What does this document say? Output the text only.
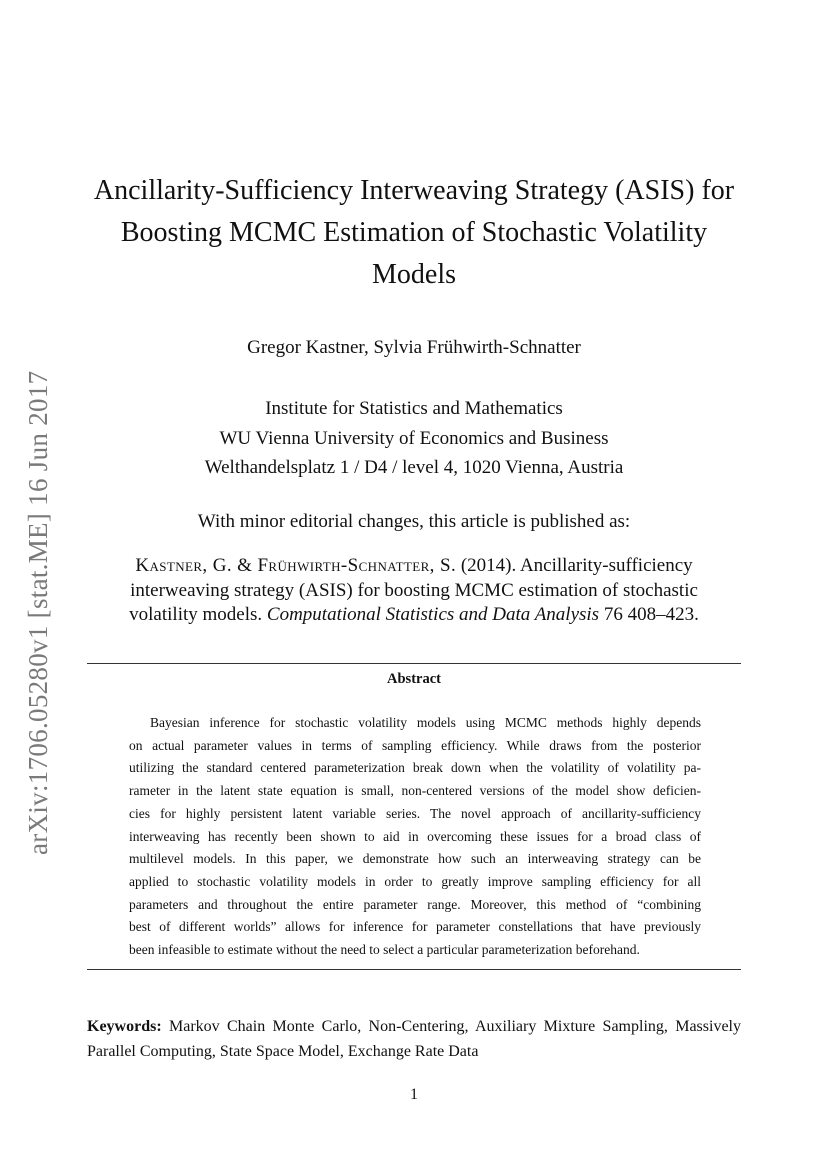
arXiv:1706.05280v1 [stat.ME] 16 Jun 2017
Ancillarity-Sufficiency Interweaving Strategy (ASIS) for
Boosting MCMC Estimation of Stochastic Volatility
Models
Gregor Kastner, Sylvia Frühwirth-Schnatter
Institute for Statistics and Mathematics
WU Vienna University of Economics and Business
Welthandelsplatz 1 / D4 / level 4, 1020 Vienna, Austria
With minor editorial changes, this article is published as:
Kastner, G. & Frühwirth-Schnatter, S. (2014). Ancillarity-sufficiency
interweaving strategy (ASIS) for boosting MCMC estimation of stochastic
volatility models. Computational Statistics and Data Analysis 76 408–423.
Abstract
Bayesian inference for stochastic volatility models using MCMC methods highly depends
on actual parameter values in terms of sampling efficiency. While draws from the posterior
utilizing the standard centered parameterization break down when the volatility of volatility pa-
rameter in the latent state equation is small, non-centered versions of the model show deficien-
cies for highly persistent latent variable series. The novel approach of ancillarity-sufficiency
interweaving has recently been shown to aid in overcoming these issues for a broad class of
multilevel models. In this paper, we demonstrate how such an interweaving strategy can be
applied to stochastic volatility models in order to greatly improve sampling efficiency for all
parameters and throughout the entire parameter range. Moreover, this method of “combining
best of different worlds” allows for inference for parameter constellations that have previously
been infeasible to estimate without the need to select a particular parameterization beforehand.
Keywords: Markov Chain Monte Carlo, Non-Centering, Auxiliary Mixture Sampling, Massively
Parallel Computing, State Space Model, Exchange Rate Data
1
